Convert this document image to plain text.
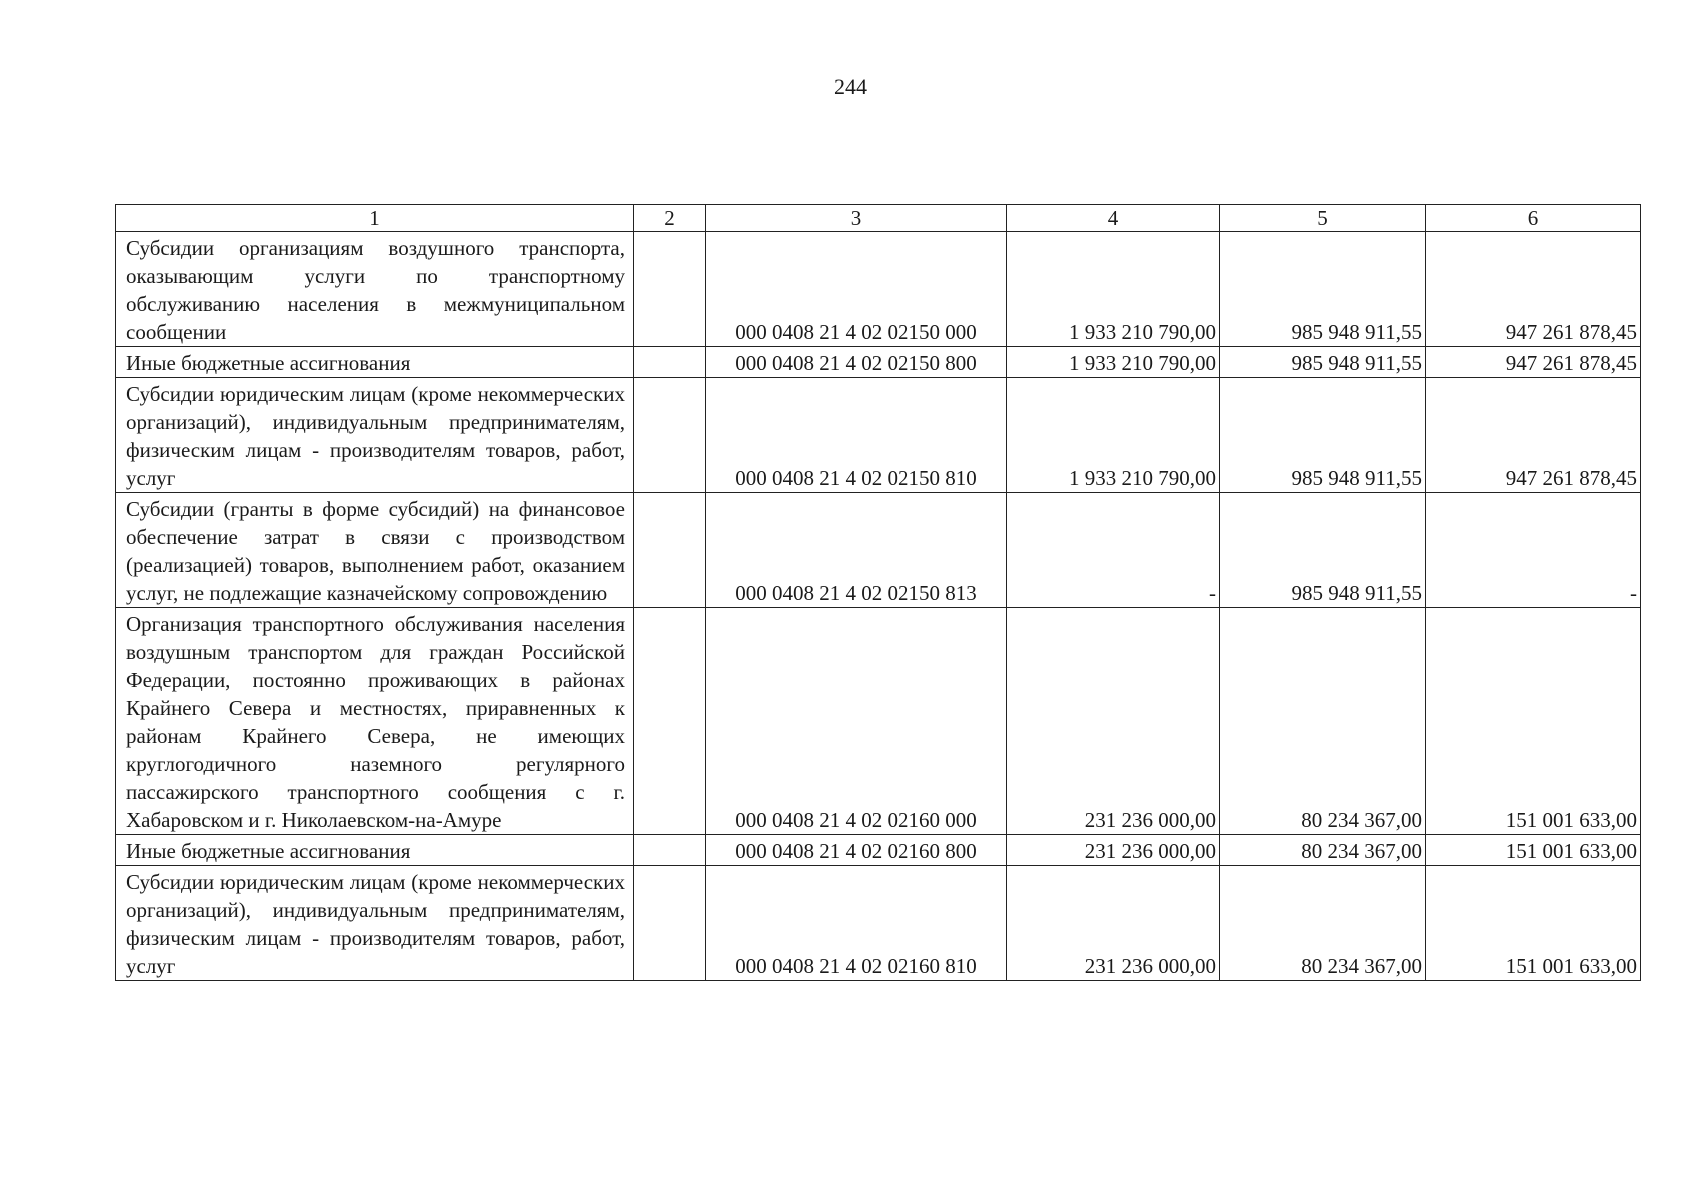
244
1	2	3	4	5	6
Субсидии организациям воздушного транспорта, оказывающим услуги по транспортному обслуживанию населения в межмуниципальном сообщении		000 0408 21 4 02 02150 000	1 933 210 790,00	985 948 911,55	947 261 878,45
Иные бюджетные ассигнования		000 0408 21 4 02 02150 800	1 933 210 790,00	985 948 911,55	947 261 878,45
Субсидии юридическим лицам (кроме некоммерческих организаций), индивидуальным предпринимателям, физическим лицам - производителям товаров, работ, услуг		000 0408 21 4 02 02150 810	1 933 210 790,00	985 948 911,55	947 261 878,45
Субсидии (гранты в форме субсидий) на финансовое обеспечение затрат в связи с производством (реализацией) товаров, выполнением работ, оказанием услуг, не подлежащие казначейскому сопровождению		000 0408 21 4 02 02150 813	-	985 948 911,55	-
Организация транспортного обслуживания населения воздушным транспортом для граждан Российской Федерации, постоянно проживающих в районах Крайнего Севера и местностях, приравненных к районам Крайнего Севера, не имеющих круглогодичного наземного регулярного пассажирского транспортного сообщения с г. Хабаровском и г. Николаевском-на-Амуре		000 0408 21 4 02 02160 000	231 236 000,00	80 234 367,00	151 001 633,00
Иные бюджетные ассигнования		000 0408 21 4 02 02160 800	231 236 000,00	80 234 367,00	151 001 633,00
Субсидии юридическим лицам (кроме некоммерческих организаций), индивидуальным предпринимателям, физическим лицам - производителям товаров, работ, услуг		000 0408 21 4 02 02160 810	231 236 000,00	80 234 367,00	151 001 633,00
